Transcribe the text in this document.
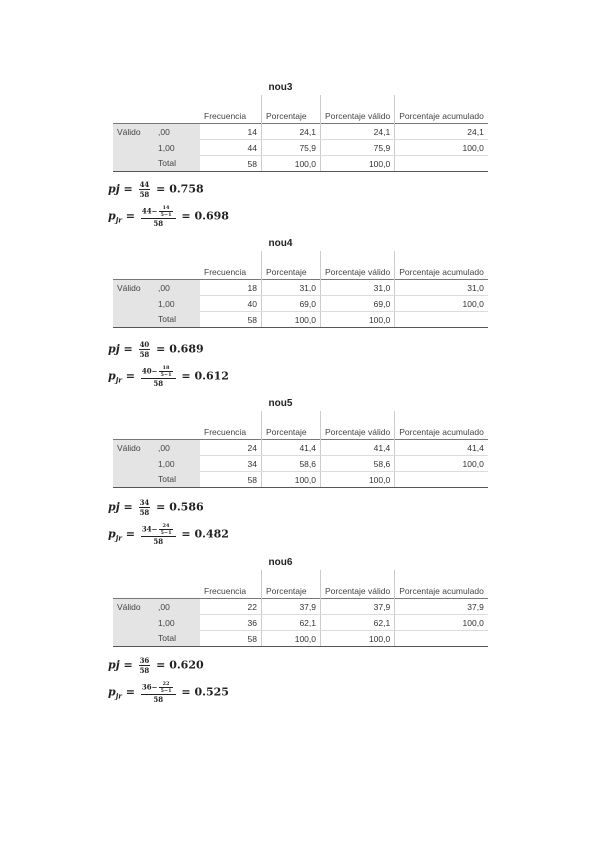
nou3
		Frecuencia	Porcentaje	Porcentaje válido	Porcentaje acumulado
Válido	,00	14	24,1	24,1	24,1
	1,00	44	75,9	75,9	100,0
	Total	58	100,0	100,0	
pj = $\frac{44}{58} = 0.758$
$p_{jr} = \frac{44- \frac{14}{5-1}}{58} = 0.698$
nou4
		Frecuencia	Porcentaje	Porcentaje válido	Porcentaje acumulado
Válido	,00	18	31,0	31,0	31,0
	1,00	40	69,0	69,0	100,0
	Total	58	100,0	100,0	
pj = $\frac{40}{58} = 0.689$
$p_{jr} = \frac{40- \frac{18}{5-1}}{58} = 0.612$
nou5
		Frecuencia	Porcentaje	Porcentaje válido	Porcentaje acumulado
Válido	,00	24	41,4	41,4	41,4
	1,00	34	58,6	58,6	100,0
	Total	58	100,0	100,0	
pj = $\frac{34}{58} = 0.586$
$p_{jr} = \frac{34- \frac{24}{5-1}}{58} = 0.482$
nou6
		Frecuencia	Porcentaje	Porcentaje válido	Porcentaje acumulado
Válido	,00	22	37,9	37,9	37,9
	1,00	36	62,1	62,1	100,0
	Total	58	100,0	100,0	
pj = $\frac{36}{58} = 0.620$
$p_{jr} = \frac{36- \frac{22}{5-1}}{58} = 0.525$
